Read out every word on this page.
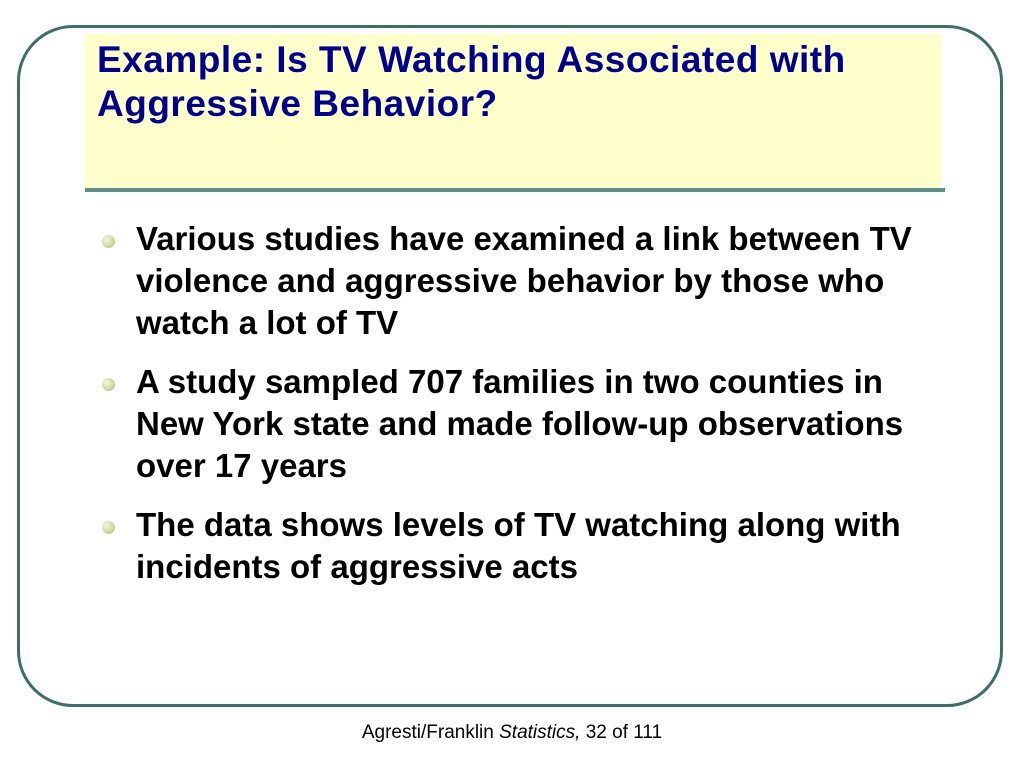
Example: Is TV Watching Associated with Aggressive Behavior?
Various studies have examined a link between TV violence and aggressive behavior by those who watch a lot of TV
A study sampled 707 families in two counties in New York state and made follow-up observations over 17 years
The data shows levels of TV watching along with incidents of aggressive acts
Agresti/Franklin Statistics, 32 of 111
